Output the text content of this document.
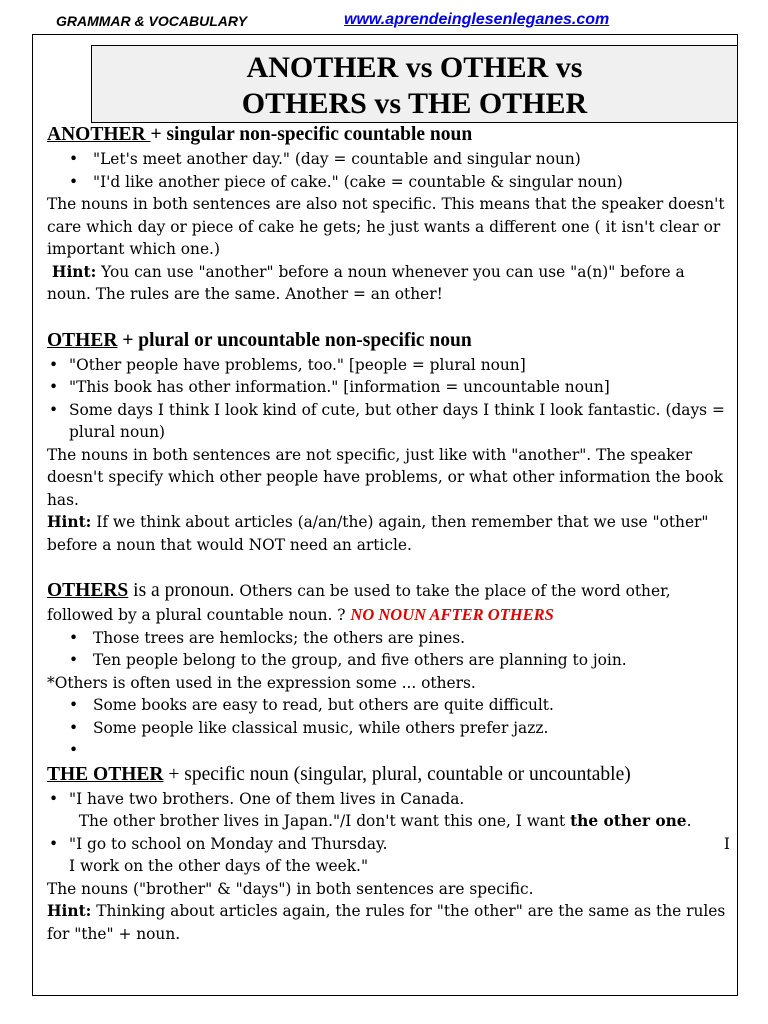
GRAMMAR & VOCABULARY	www.aprendeinglesenleganes.com
ANOTHER vs OTHER vs
OTHERS vs THE OTHER
ANOTHER + singular non-specific countable noun
• "Let's meet another day." (day = countable and singular noun)
• "I'd like another piece of cake." (cake = countable & singular noun)
The nouns in both sentences are also not specific. This means that the speaker doesn't care which day or piece of cake he gets; he just wants a different one ( it isn't clear or important which one.)
Hint: You can use "another" before a noun whenever you can use "a(n)" before a noun. The rules are the same. Another = an other!
OTHER + plural or uncountable non-specific noun
• "Other people have problems, too." [people = plural noun]
• "This book has other information." [information = uncountable noun]
• Some days I think I look kind of cute, but other days I think I look fantastic. (days = plural noun)
The nouns in both sentences are not specific, just like with "another". The speaker doesn't specify which other people have problems, or what other information the book has.
Hint: If we think about articles (a/an/the) again, then remember that we use "other" before a noun that would NOT need an article.
OTHERS is a pronoun. Others can be used to take the place of the word other, followed by a plural countable noun. ? NO NOUN AFTER OTHERS
• Those trees are hemlocks; the others are pines.
• Ten people belong to the group, and five others are planning to join.
*Others is often used in the expression some ... others.
• Some books are easy to read, but others are quite difficult.
• Some people like classical music, while others prefer jazz.
•

THE OTHER + specific noun (singular, plural, countable or uncountable)
• "I have two brothers. One of them lives in Canada.
The other brother lives in Japan."/I don't want this one, I want the other one.
• "I go to school on Monday and Thursday.	I

I work on the other days of the week."
The nouns ("brother" & "days") in both sentences are specific.
Hint: Thinking about articles again, the rules for "the other" are the same as the rules for "the" + noun.
